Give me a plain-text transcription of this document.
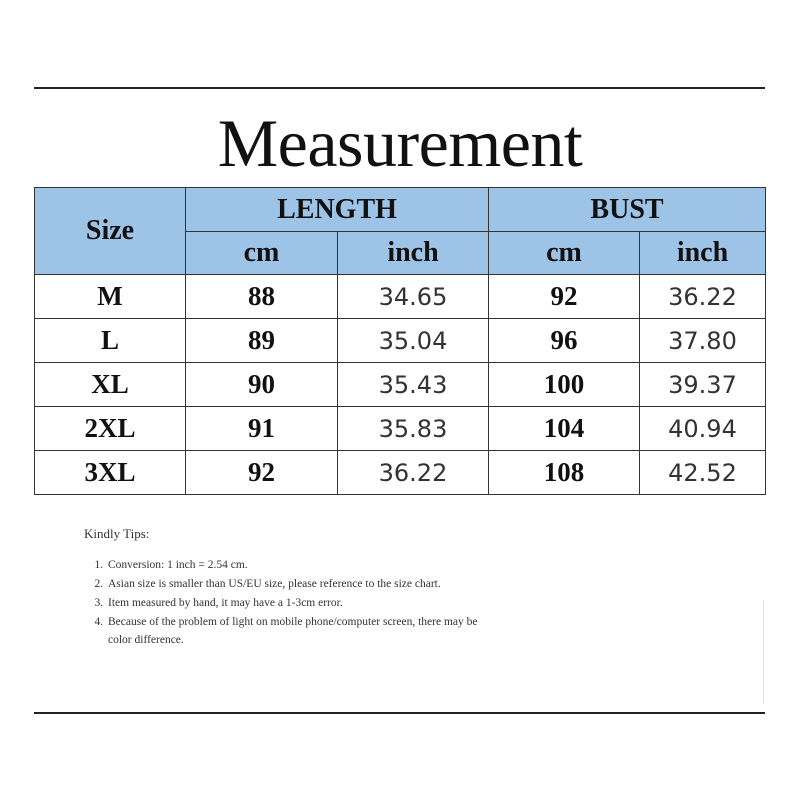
Measurement
Size	LENGTH		BUST	
	cm	inch	cm	inch
M	88	34.65	92	36.22
L	89	35.04	96	37.80
XL	90	35.43	100	39.37
2XL	91	35.83	104	40.94
3XL	92	36.22	108	42.52
Kindly Tips:
1. Conversion: 1 inch = 2.54 cm.
2. Asian size is smaller than US/EU size, please reference to the size chart.
3. Item measured by hand, it may have a 1-3cm error.
4. Because of the problem of light on mobile phone/computer screen, there may be
color difference.
